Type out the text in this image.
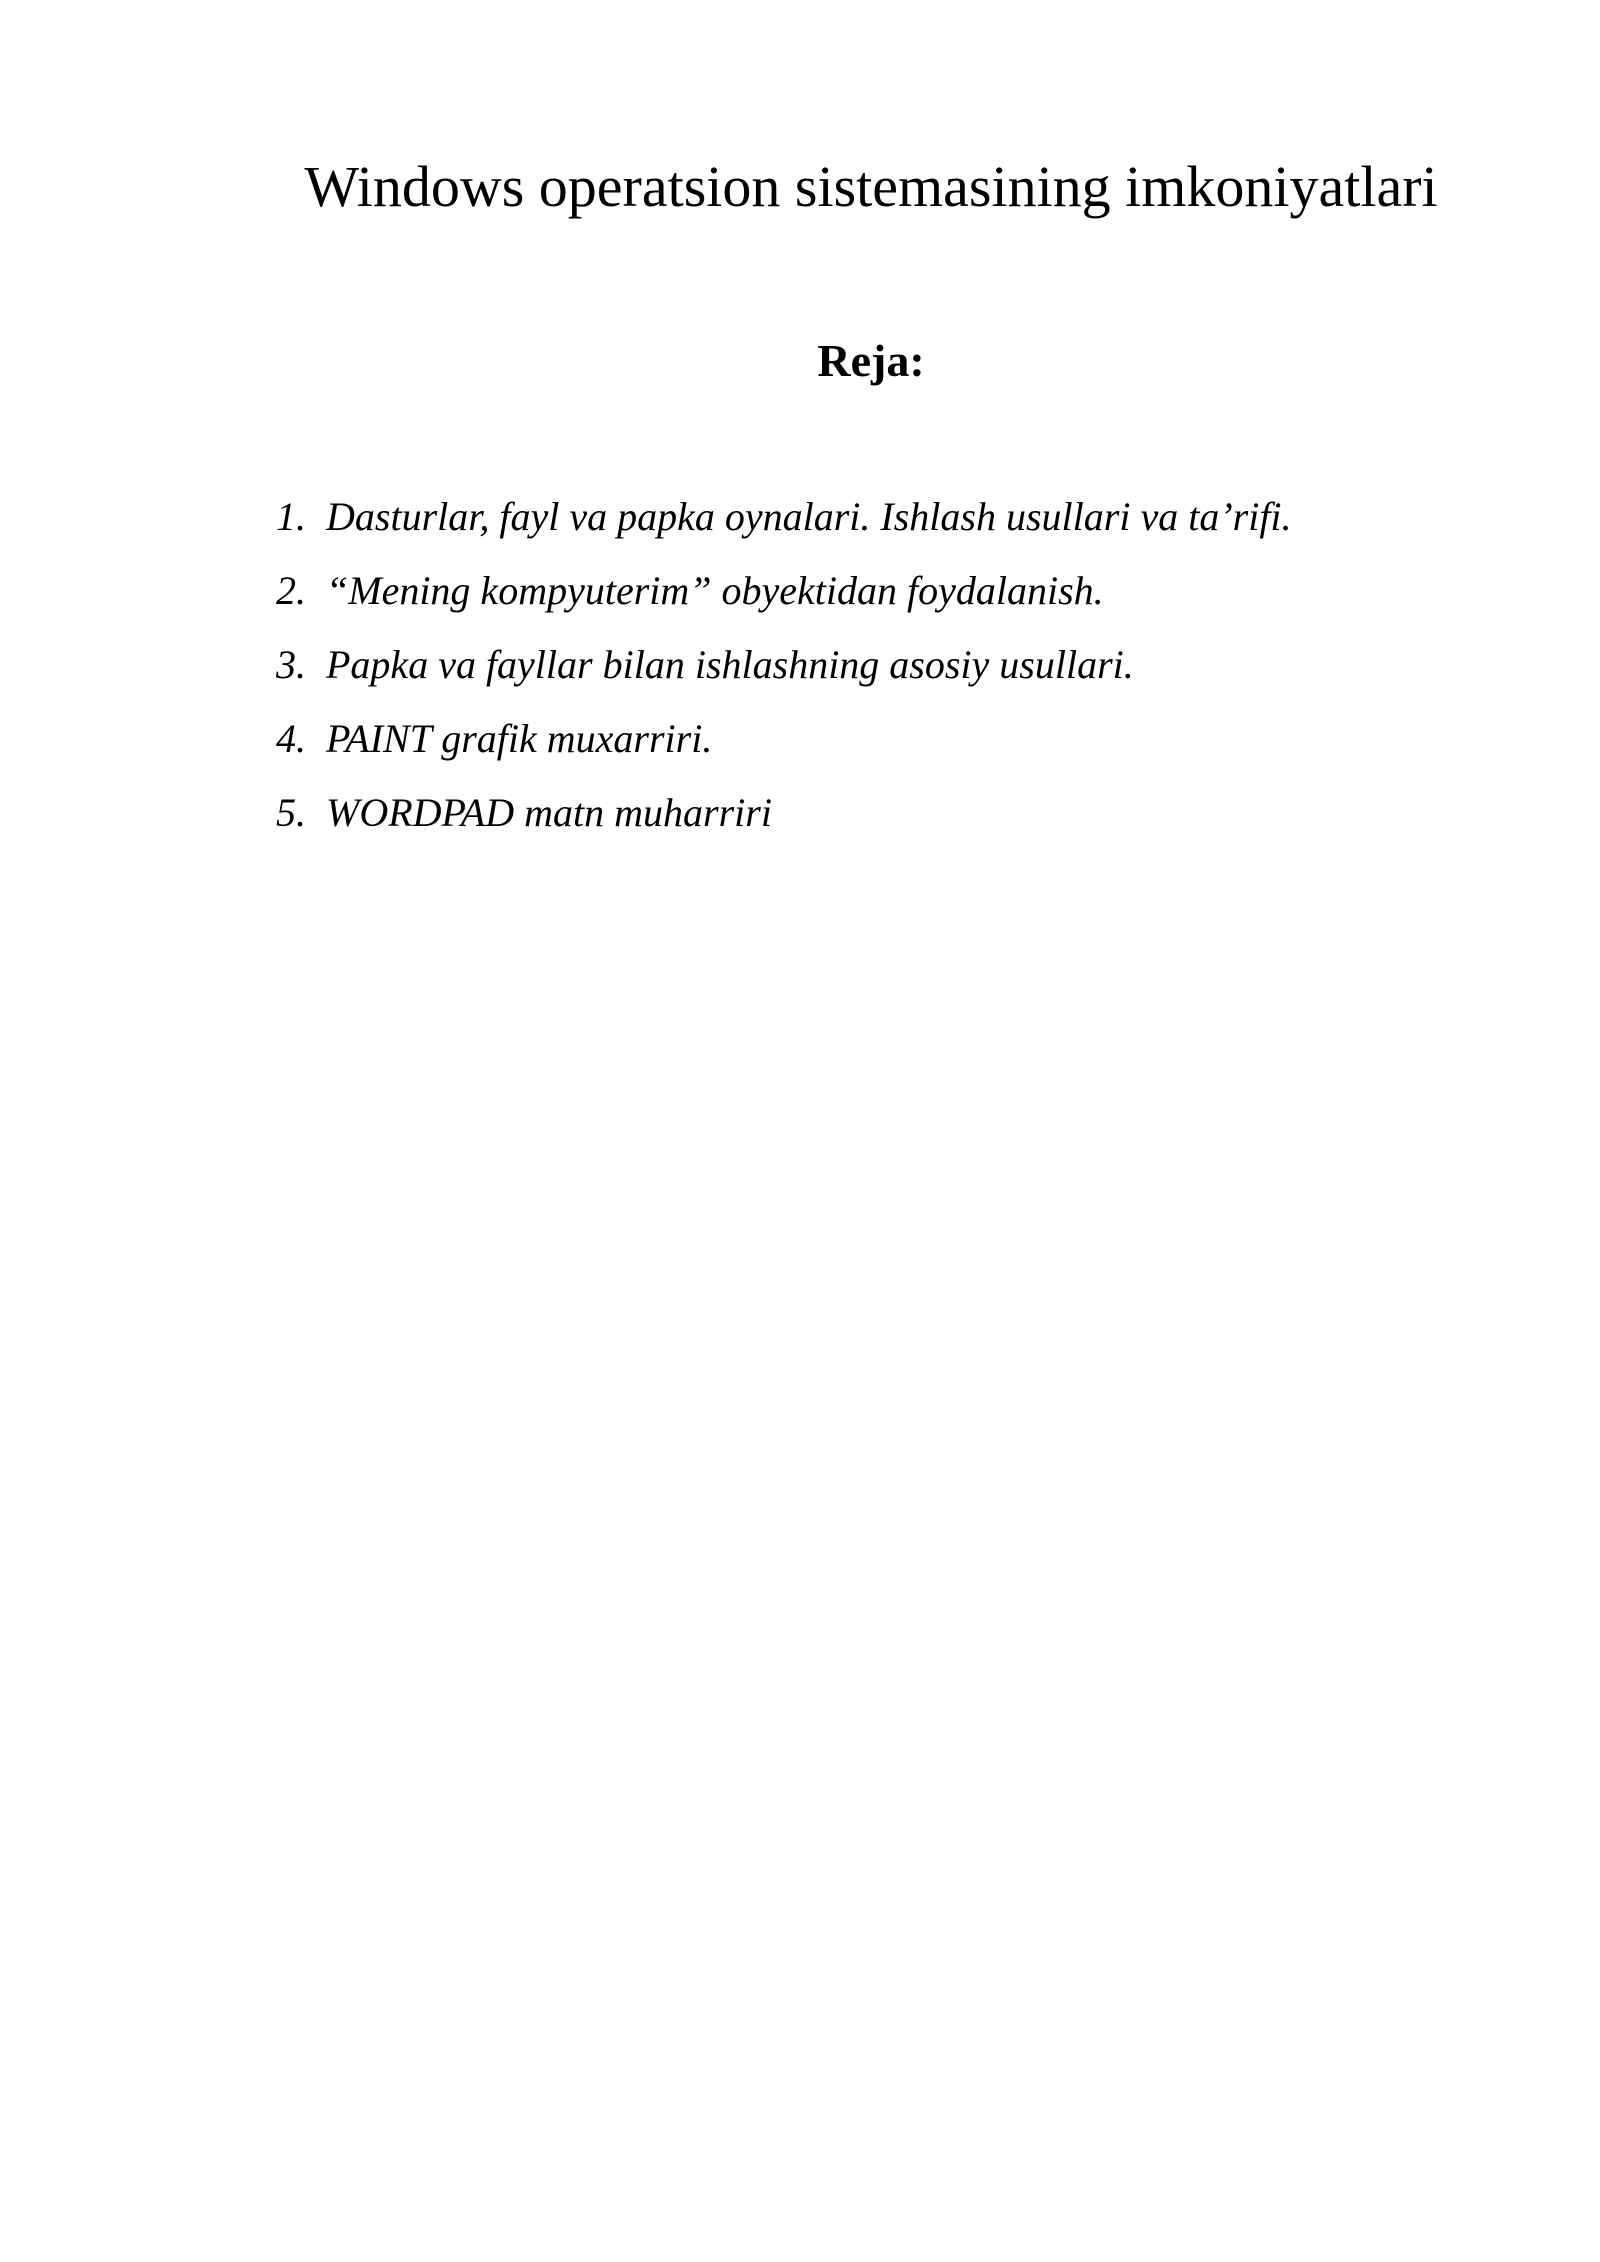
Windows operatsion sistemasining imkoniyatlari
Reja:
1. Dasturlar, fayl va papka oynalari. Ishlash usullari va ta’rifi.
2. “Mening kompyuterim” obyektidan foydalanish.
3. Papka va fayllar bilan ishlashning asosiy usullari.
4. PAINT grafik muxarriri.
5. WORDPAD matn muharriri
